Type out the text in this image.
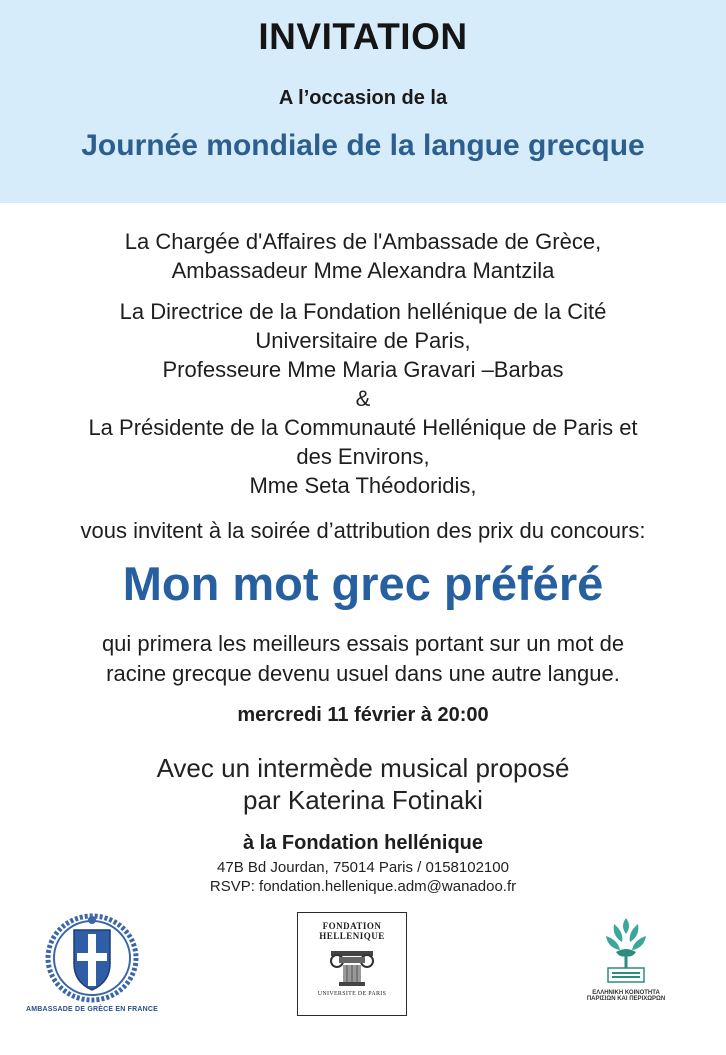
INVITATION
A l’occasion de la
Journée mondiale de la langue grecque
La Chargée d'Affaires de l'Ambassade de Grèce,
Ambassadeur Mme Alexandra Mantzila
La Directrice de la Fondation hellénique de la Cité
Universitaire de Paris,
Professeure Mme Maria Gravari –Barbas
&
La Présidente de la Communauté Hellénique de Paris et
des Environs,
Mme Seta Théodoridis,
vous invitent à la soirée d’attribution des prix du concours:
Mon mot grec préféré
qui primera les meilleurs essais portant sur un mot de
racine grecque devenu usuel dans une autre langue.
mercredi 11 février à 20:00
Avec un intermède musical proposé
par Katerina Fotinaki
à la Fondation hellénique
47B Bd Jourdan, 75014 Paris / 0158102100
RSVP: fondation.hellenique.adm@wanadoo.fr
AMBASSADE DE GRÈCE EN FRANCE
FONDATION
HELLENIQUE
UNIVERSITE DE PARIS	ΕΛΛΗΝΙΚΗ ΚΟΙΝΟΤΗΤΑ
ΠΑΡΙΣΙΩΝ ΚΑΙ ΠΕΡΙΧΩΡΩΝ
